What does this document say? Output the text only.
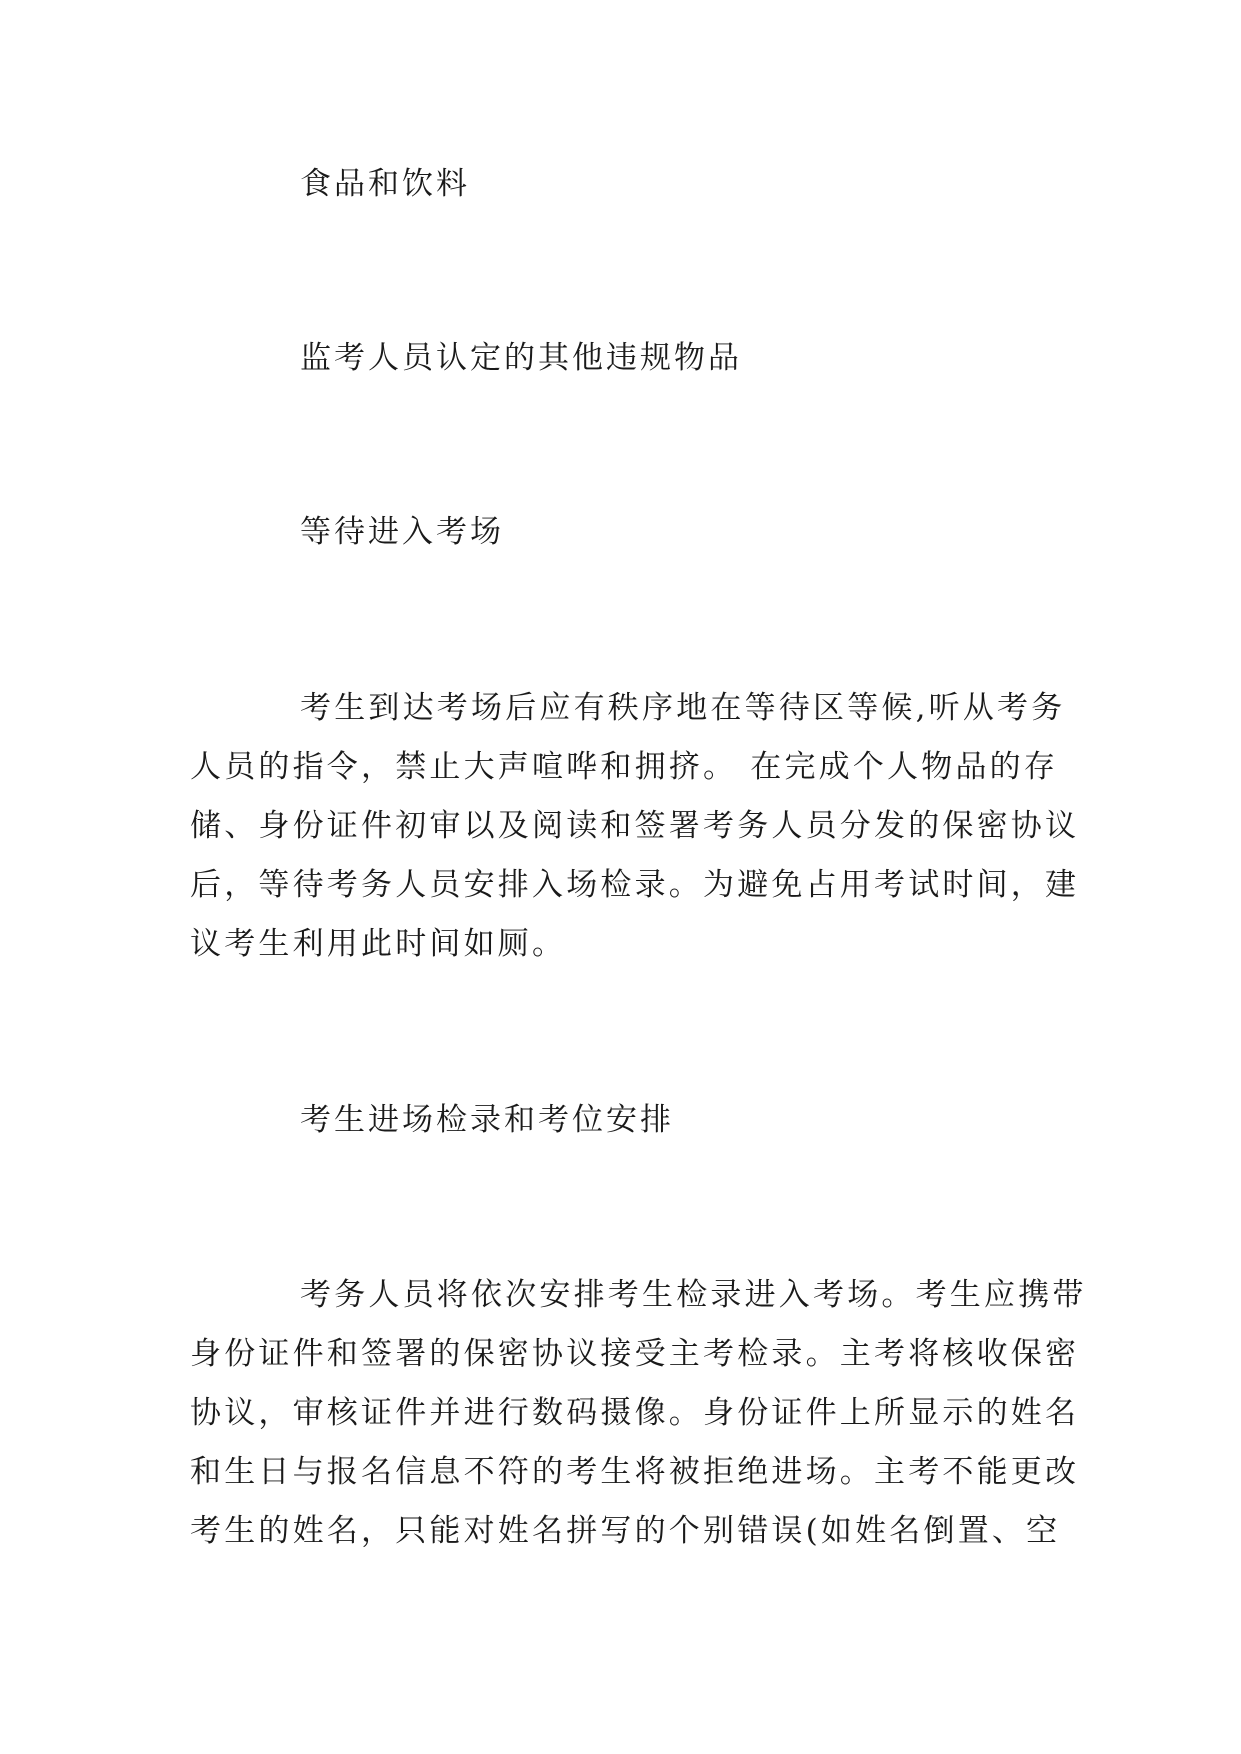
食品和饮料
监考人员认定的其他违规物品
等待进入考场
考生到达考场后应有秩序地在等待区等候,听从考务
人员的指令，禁止大声喧哗和拥挤。 在完成个人物品的存
储、身份证件初审以及阅读和签署考务人员分发的保密协议
后，等待考务人员安排入场检录。为避免占用考试时间，建
议考生利用此时间如厕。
考生进场检录和考位安排
考务人员将依次安排考生检录进入考场。考生应携带
身份证件和签署的保密协议接受主考检录。主考将核收保密
协议，审核证件并进行数码摄像。身份证件上所显示的姓名
和生日与报名信息不符的考生将被拒绝进场。主考不能更改
考生的姓名，只能对姓名拼写的个别错误(如姓名倒置、空
